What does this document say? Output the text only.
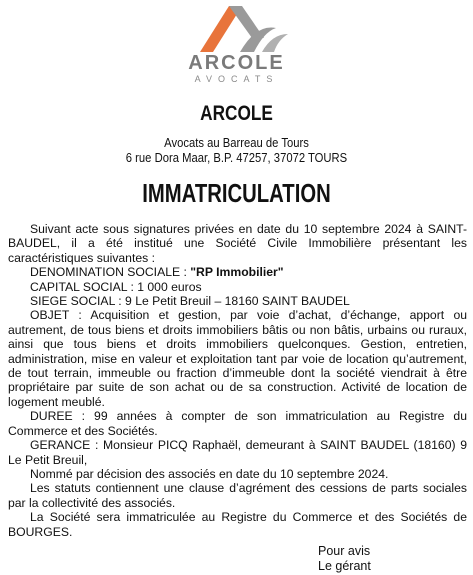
ARCOLE
AVOCATS
ARCOLE
Avocats au Barreau de Tours
6 rue Dora Maar, B.P. 47257, 37072 TOURS
IMMATRICULATION

Suivant acte sous signatures privées en date du 10 septembre 2024 à SAINT-BAUDEL, il a été institué une Société Civile Immobilière présentant les caractéristiques suivantes :

DENOMINATION SOCIALE : "RP Immobilier"

CAPITAL SOCIAL : 1 000 euros

SIEGE SOCIAL : 9 Le Petit Breuil – 18160 SAINT BAUDEL

OBJET : Acquisition et gestion, par voie d’achat, d’échange, apport ou autrement, de tous biens et droits immobiliers bâtis ou non bâtis, urbains ou ruraux, ainsi que tous biens et droits immobiliers quelconques. Gestion, entretien, administration, mise en valeur et exploitation tant par voie de location qu’autrement, de tout terrain, immeuble ou fraction d’immeuble dont la société viendrait à être propriétaire par suite de son achat ou de sa construction. Activité de location de logement meublé.

DUREE : 99 années à compter de son immatriculation au Registre du Commerce et des Sociétés.

GERANCE : Monsieur PICQ Raphaël, demeurant à SAINT BAUDEL (18160) 9 Le Petit Breuil,

Nommé par décision des associés en date du 10 septembre 2024.

Les statuts contiennent une clause d’agrément des cessions de parts sociales par la collectivité des associés.

La Société sera immatriculée au Registre du Commerce et des Sociétés de BOURGES.

Pour avis
Le gérant
